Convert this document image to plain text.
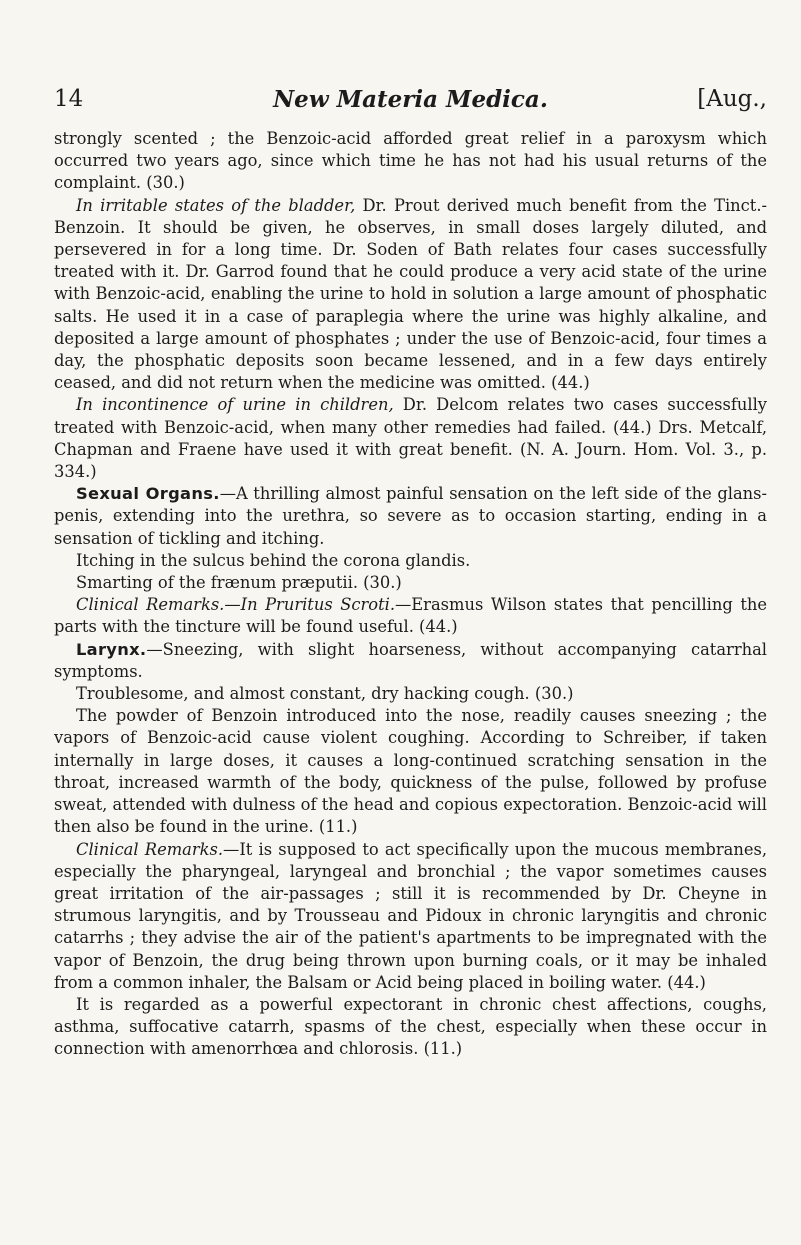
14	New Materia Medica.	[Aug.,

strongly scented ; the Benzoic-acid afforded great relief in a paroxysm which occurred two years ago, since which time he has not had his usual returns of the complaint. (30.)

In irritable states of the bladder, Dr. Prout derived much benefit from the Tinct.-Benzoin. It should be given, he observes, in small doses largely diluted, and persevered in for a long time. Dr. Soden of Bath relates four cases successfully treated with it. Dr. Garrod found that he could produce a very acid state of the urine with Benzoic-acid, enabling the urine to hold in solution a large amount of phosphatic salts. He used it in a case of paraplegia where the urine was highly alkaline, and deposited a large amount of phosphates ; under the use of Benzoic-acid, four times a day, the phosphatic deposits soon became lessened, and in a few days entirely ceased, and did not return when the medicine was omitted. (44.)

In incontinence of urine in children, Dr. Delcom relates two cases successfully treated with Benzoic-acid, when many other remedies had failed. (44.) Drs. Metcalf, Chapman and Fraene have used it with great benefit. (N. A. Journ. Hom. Vol. 3., p. 334.)

Sexual Organs.—A thrilling almost painful sensation on the left side of the glans-penis, extending into the urethra, so severe as to occasion starting, ending in a sensation of tickling and itching.

Itching in the sulcus behind the corona glandis.

Smarting of the frænum præputii. (30.)

Clinical Remarks.—In Pruritus Scroti.—Erasmus Wilson states that pencilling the parts with the tincture will be found useful. (44.)

Larynx.—Sneezing, with slight hoarseness, without accompanying catarrhal symptoms.

Troublesome, and almost constant, dry hacking cough. (30.)

The powder of Benzoin introduced into the nose, readily causes sneezing ; the vapors of Benzoic-acid cause violent coughing. According to Schreiber, if taken internally in large doses, it causes a long-continued scratching sensation in the throat, increased warmth of the body, quickness of the pulse, followed by profuse sweat, attended with dulness of the head and copious expectoration. Benzoic-acid will then also be found in the urine. (11.)

Clinical Remarks.—It is supposed to act specifically upon the mucous membranes, especially the pharyngeal, laryngeal and bronchial ; the vapor sometimes causes great irritation of the air-passages ; still it is recommended by Dr. Cheyne in strumous laryngitis, and by Trousseau and Pidoux in chronic laryngitis and chronic catarrhs ; they advise the air of the patient's apartments to be impregnated with the vapor of Benzoin, the drug being thrown upon burning coals, or it may be inhaled from a common inhaler, the Balsam or Acid being placed in boiling water. (44.)

It is regarded as a powerful expectorant in chronic chest affections, coughs, asthma, suffocative catarrh, spasms of the chest, especially when these occur in connection with amenorrhœa and chlorosis. (11.)
